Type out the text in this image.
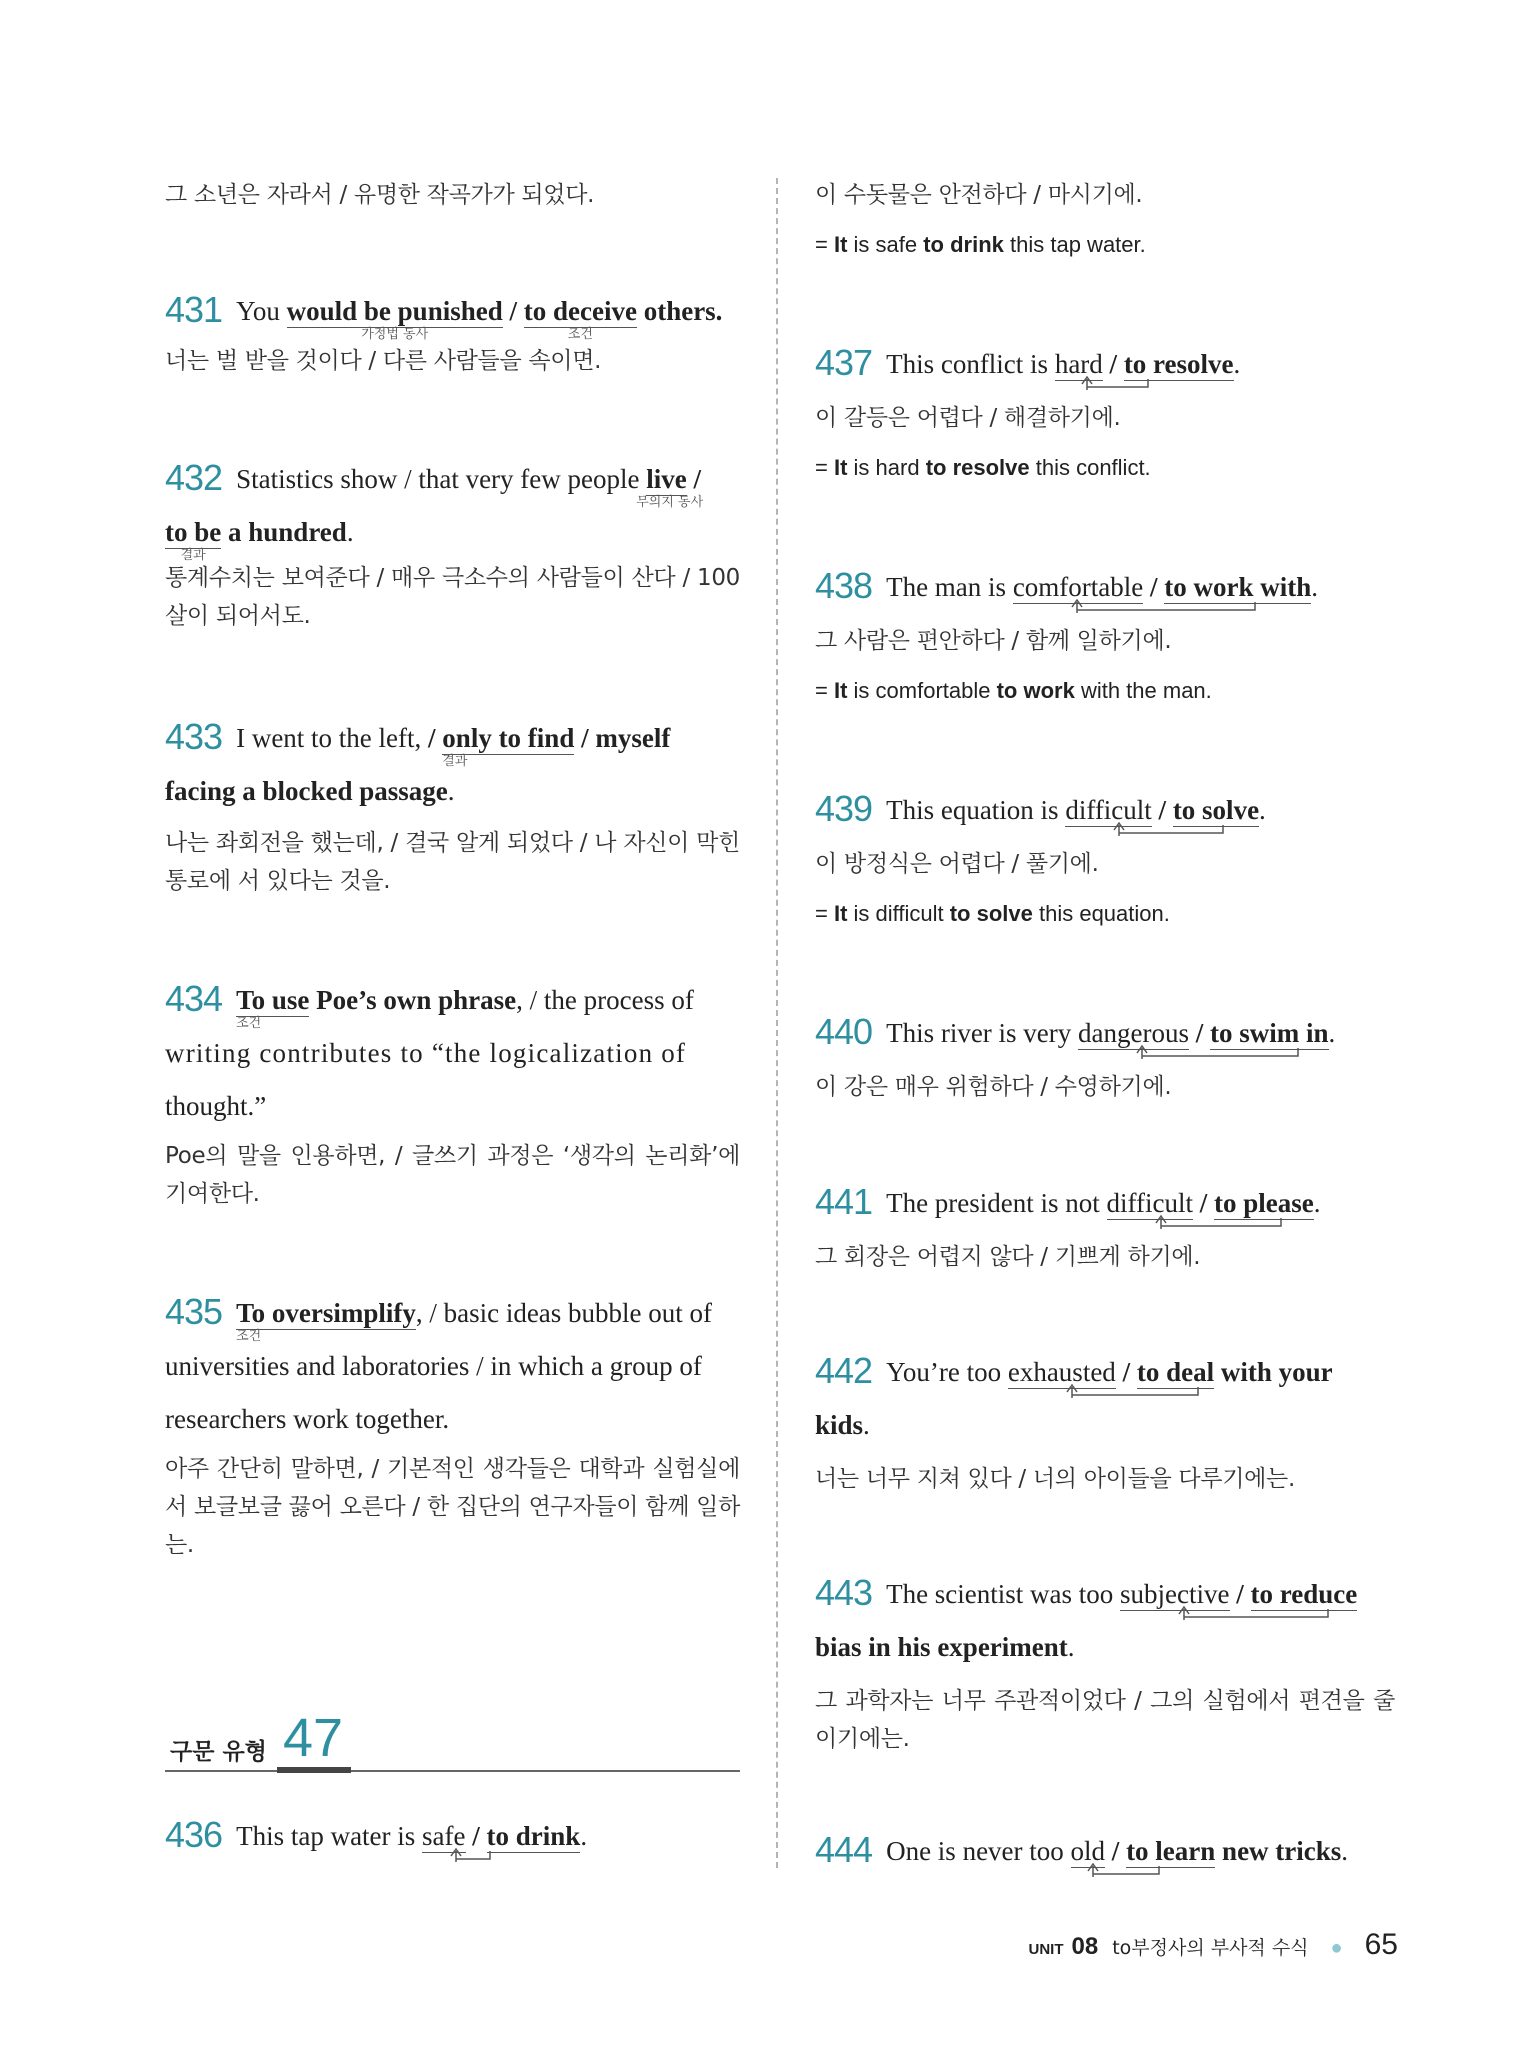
그 소년은 자라서 / 유명한 작곡가가 되었다.
431 You would be punished
가정법 동사
/ to deceive
조건
others.
너는 벌 받을 것이다 / 다른 사람들을 속이면.
432 Statistics show / that very few people live
무의지 동사
/
to be
결과
a hundred.
통계수치는 보여준다 / 매우 극소수의 사람들이 산다 / 100살이 되어서도.
433 I went to the left, / only to find
결과
/ myself
facing a blocked passage.
나는 좌회전을 했는데, / 결국 알게 되었다 / 나 자신이 막힌 통로에 서 있다는 것을.
434 To use
조건
Poe’s own phrase, / the process of
writing contributes to “the logicalization of
thought.”
Poe의 말을 인용하면, / 글쓰기 과정은 ‘생각의 논리화’에 기여한다.
435 To oversimplify
조건
, / basic ideas bubble out of
universities and laboratories / in which a group of
researchers work together.
아주 간단히 말하면, / 기본적인 생각들은 대학과 실험실에서 보글보글 끓어 오른다 / 한 집단의 연구자들이 함께 일하는.
구문 유형 47
436 This tap water is safe / to drink
.
이 수돗물은 안전하다 / 마시기에.
= It is safe to drink this tap water.
437 This conflict is hard / to resolve
.
이 갈등은 어렵다 / 해결하기에.
= It is hard to resolve this conflict.
438 The man is comfortable / to work with
.
그 사람은 편안하다 / 함께 일하기에.
= It is comfortable to work with the man.
439 This equation is difficult / to solve
.
이 방정식은 어렵다 / 풀기에.
= It is difficult to solve this equation.
440 This river is very dangerous / to swim in
.
이 강은 매우 위험하다 / 수영하기에.
441 The president is not difficult / to please
.
그 회장은 어렵지 않다 / 기쁘게 하기에.
442 You’re too exhausted / to deal
with your
kids.
너는 너무 지쳐 있다 / 너의 아이들을 다루기에는.
443 The scientist was too subjective / to reduce
bias in his experiment.
그 과학자는 너무 주관적이었다 / 그의 실험에서 편견을 줄이기에는.
444 One is never too old / to learn
new tricks.
UNIT 08 to부정사의 부사적 수식 ● 65
